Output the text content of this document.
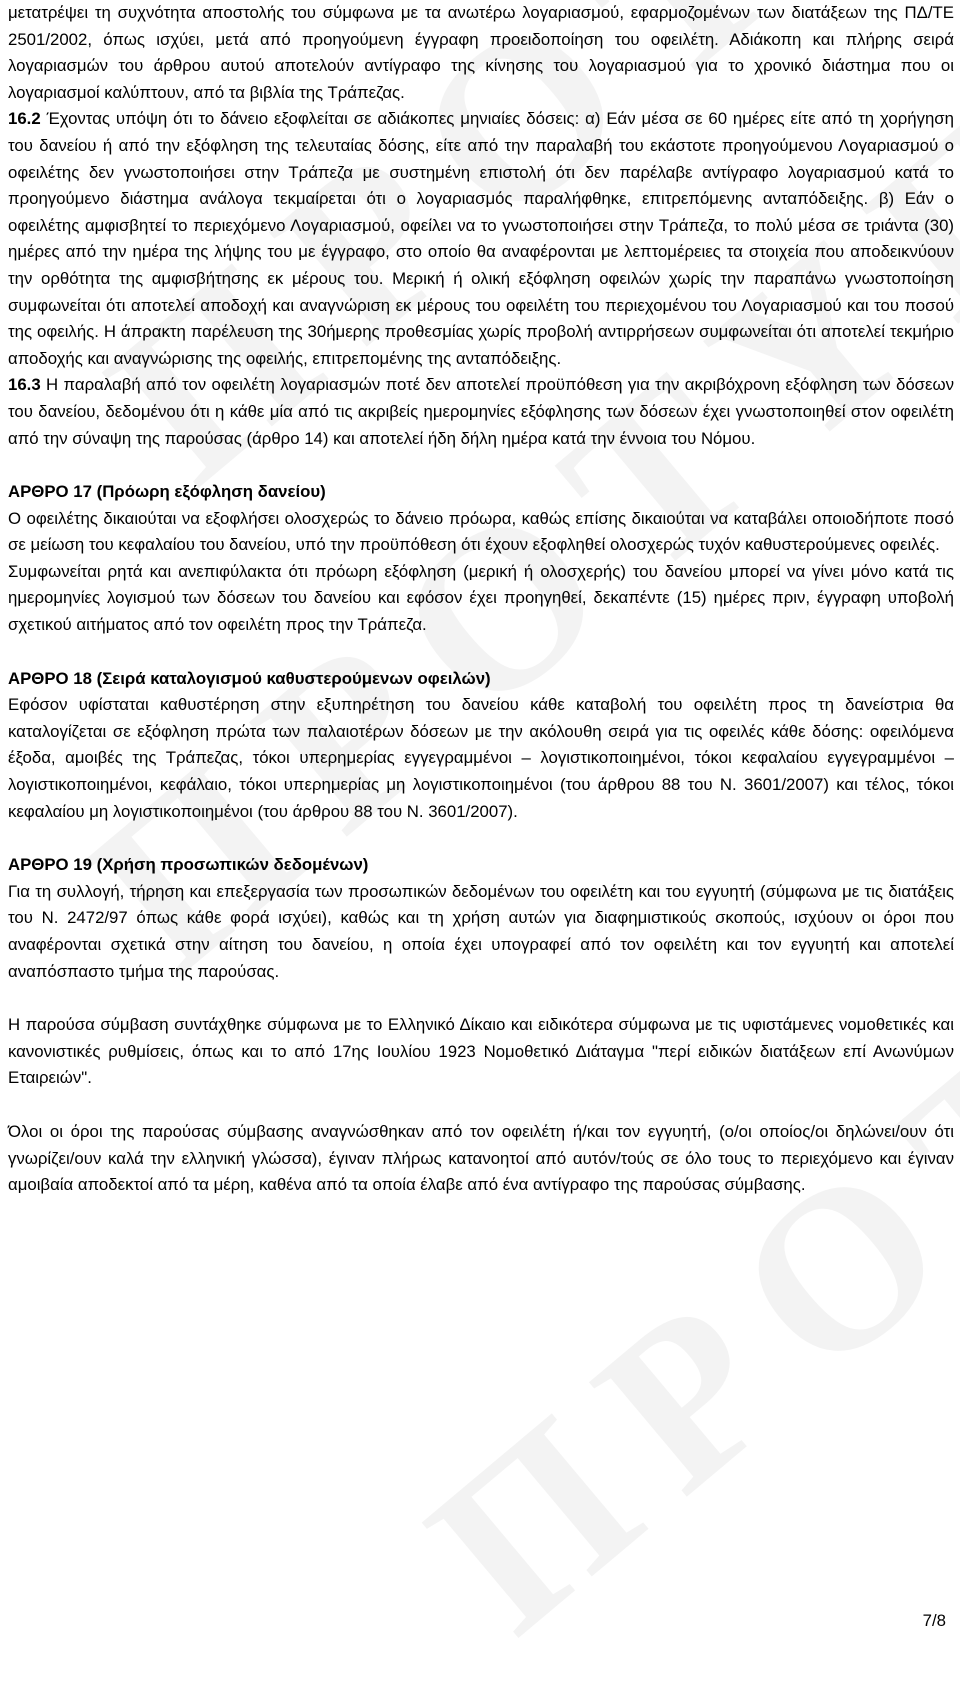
μετατρέψει τη συχνότητα αποστολής του σύμφωνα με τα ανωτέρω λογαριασμού, εφαρμοζομένων των διατάξεων της ΠΔ/ΤΕ 2501/2002, όπως ισχύει, μετά από προηγούμενη έγγραφη προειδοποίηση του οφειλέτη. Αδιάκοπη και πλήρης σειρά λογαριασμών του άρθρου αυτού αποτελούν αντίγραφο της κίνησης του λογαριασμού για το χρονικό διάστημα που οι λογαριασμοί καλύπτουν, από τα βιβλία της Τράπεζας.

16.2 Έχοντας υπόψη ότι το δάνειο εξοφλείται σε αδιάκοπες μηνιαίες δόσεις: α) Εάν μέσα σε 60 ημέρες είτε από τη χορήγηση του δανείου ή από την εξόφληση της τελευταίας δόσης, είτε από την παραλαβή του εκάστοτε προηγούμενου Λογαριασμού ο οφειλέτης δεν γνωστοποιήσει στην Τράπεζα με συστημένη επιστολή ότι δεν παρέλαβε αντίγραφο λογαριασμού κατά το προηγούμενο διάστημα ανάλογα τεκμαίρεται ότι ο λογαριασμός παραλήφθηκε, επιτρεπόμενης ανταπόδειξης. β) Εάν ο οφειλέτης αμφισβητεί το περιεχόμενο Λογαριασμού, οφείλει να το γνωστοποιήσει στην Τράπεζα, το πολύ μέσα σε τριάντα (30) ημέρες από την ημέρα της λήψης του με έγγραφο, στο οποίο θα αναφέρονται με λεπτομέρειες τα στοιχεία που αποδεικνύουν την ορθότητα της αμφισβήτησης εκ μέρους του. Μερική ή ολική εξόφληση οφειλών χωρίς την παραπάνω γνωστοποίηση συμφωνείται ότι αποτελεί αποδοχή και αναγνώριση εκ μέρους του οφειλέτη του περιεχομένου του Λογαριασμού και του ποσού της οφειλής. Η άπρακτη παρέλευση της 30ήμερης προθεσμίας χωρίς προβολή αντιρρήσεων συμφωνείται ότι αποτελεί τεκμήριο αποδοχής και αναγνώρισης της οφειλής, επιτρεπομένης της ανταπόδειξης.

16.3 Η παραλαβή από τον οφειλέτη λογαριασμών ποτέ δεν αποτελεί προϋπόθεση για την ακριβόχρονη εξόφληση των δόσεων του δανείου, δεδομένου ότι η κάθε μία από τις ακριβείς ημερομηνίες εξόφλησης των δόσεων έχει γνωστοποιηθεί στον οφειλέτη από την σύναψη της παρούσας (άρθρο 14) και αποτελεί ήδη δήλη ημέρα κατά την έννοια του Νόμου.

ΑΡΘΡΟ 17 (Πρόωρη εξόφληση δανείου)

Ο οφειλέτης δικαιούται να εξοφλήσει ολοσχερώς το δάνειο πρόωρα, καθώς επίσης δικαιούται να καταβάλει οποιοδήποτε ποσό σε μείωση του κεφαλαίου του δανείου, υπό την προϋπόθεση ότι έχουν εξοφληθεί ολοσχερώς τυχόν καθυστερούμενες οφειλές.

Συμφωνείται ρητά και ανεπιφύλακτα ότι πρόωρη εξόφληση (μερική ή ολοσχερής) του δανείου μπορεί να γίνει μόνο κατά τις ημερομηνίες λογισμού των δόσεων του δανείου και εφόσον έχει προηγηθεί, δεκαπέντε (15) ημέρες πριν, έγγραφη υποβολή σχετικού αιτήματος από τον οφειλέτη προς την Τράπεζα.

ΑΡΘΡΟ 18 (Σειρά καταλογισμού καθυστερούμενων οφειλών)

Εφόσον υφίσταται καθυστέρηση στην εξυπηρέτηση του δανείου κάθε καταβολή του οφειλέτη προς τη δανείστρια θα καταλογίζεται σε εξόφληση πρώτα των παλαιοτέρων δόσεων με την ακόλουθη σειρά για τις οφειλές κάθε δόσης: οφειλόμενα έξοδα, αμοιβές της Τράπεζας, τόκοι υπερημερίας εγγεγραμμένοι – λογιστικοποιημένοι, τόκοι κεφαλαίου εγγεγραμμένοι – λογιστικοποιημένοι, κεφάλαιο, τόκοι υπερημερίας μη λογιστικοποιημένοι (του άρθρου 88 του Ν. 3601/2007) και τέλος, τόκοι κεφαλαίου μη λογιστικοποιημένοι (του άρθρου 88 του Ν. 3601/2007).

ΑΡΘΡΟ 19 (Χρήση προσωπικών δεδομένων)

Για τη συλλογή, τήρηση και επεξεργασία των προσωπικών δεδομένων του οφειλέτη και του εγγυητή (σύμφωνα με τις διατάξεις του Ν. 2472/97 όπως κάθε φορά ισχύει), καθώς και τη χρήση αυτών για διαφημιστικούς σκοπούς, ισχύουν οι όροι που αναφέρονται σχετικά στην αίτηση του δανείου, η οποία έχει υπογραφεί από τον οφειλέτη και τον εγγυητή και αποτελεί αναπόσπαστο τμήμα της παρούσας.

Η παρούσα σύμβαση συντάχθηκε σύμφωνα με το Ελληνικό Δίκαιο και ειδικότερα σύμφωνα με τις υφιστάμενες νομοθετικές και κανονιστικές ρυθμίσεις, όπως και το από 17ης Ιουλίου 1923 Νομοθετικό Διάταγμα "περί ειδικών διατάξεων επί Ανωνύμων Εταιρειών".

Όλοι οι όροι της παρούσας σύμβασης αναγνώσθηκαν από τον οφειλέτη ή/και τον εγγυητή, (ο/οι οποίος/οι δηλώνει/ουν ότι γνωρίζει/ουν καλά την ελληνική γλώσσα), έγιναν πλήρως κατανοητοί από αυτόν/τούς σε όλο τους το περιεχόμενο και έγιναν αμοιβαία αποδεκτοί από τα μέρη, καθένα από τα οποία έλαβε από ένα αντίγραφο της παρούσας σύμβασης.

7/8
